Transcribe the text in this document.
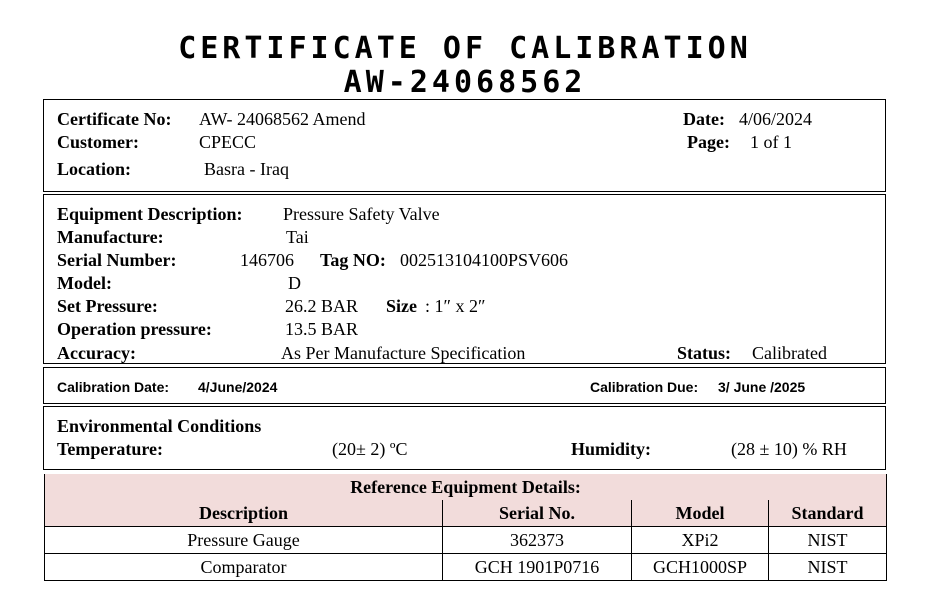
CERTIFICATE OF CALIBRATION
AW-24068562
Certificate No: AW- 24068562 Amend
Customer:	CPECC
Location:	Basra - Iraq
Date: 4/06/2024
Page: 1 of 1
Equipment Description: Pressure Safety Valve
Manufacture:	Tai
Serial Number:	146706 Tag NO: 002513104100PSV606
Model:	D
Set Pressure:	26.2 BAR Size : 1″ x 2″
Operation pressure:	13.5 BAR
Accuracy:	As Per Manufacture Specification	Status: Calibrated
Calibration Date: 4/June/2024	Calibration Due: 3/ June /2025
Environmental Conditions
Temperature:	(20± 2) ºC	Humidity:	(28 ± 10) % RH
Reference Equipment Details:			
Description	Serial No.	Model	Standard
Pressure Gauge	362373	XPi2	NIST
Comparator	GCH 1901P0716	GCH1000SP	NIST
